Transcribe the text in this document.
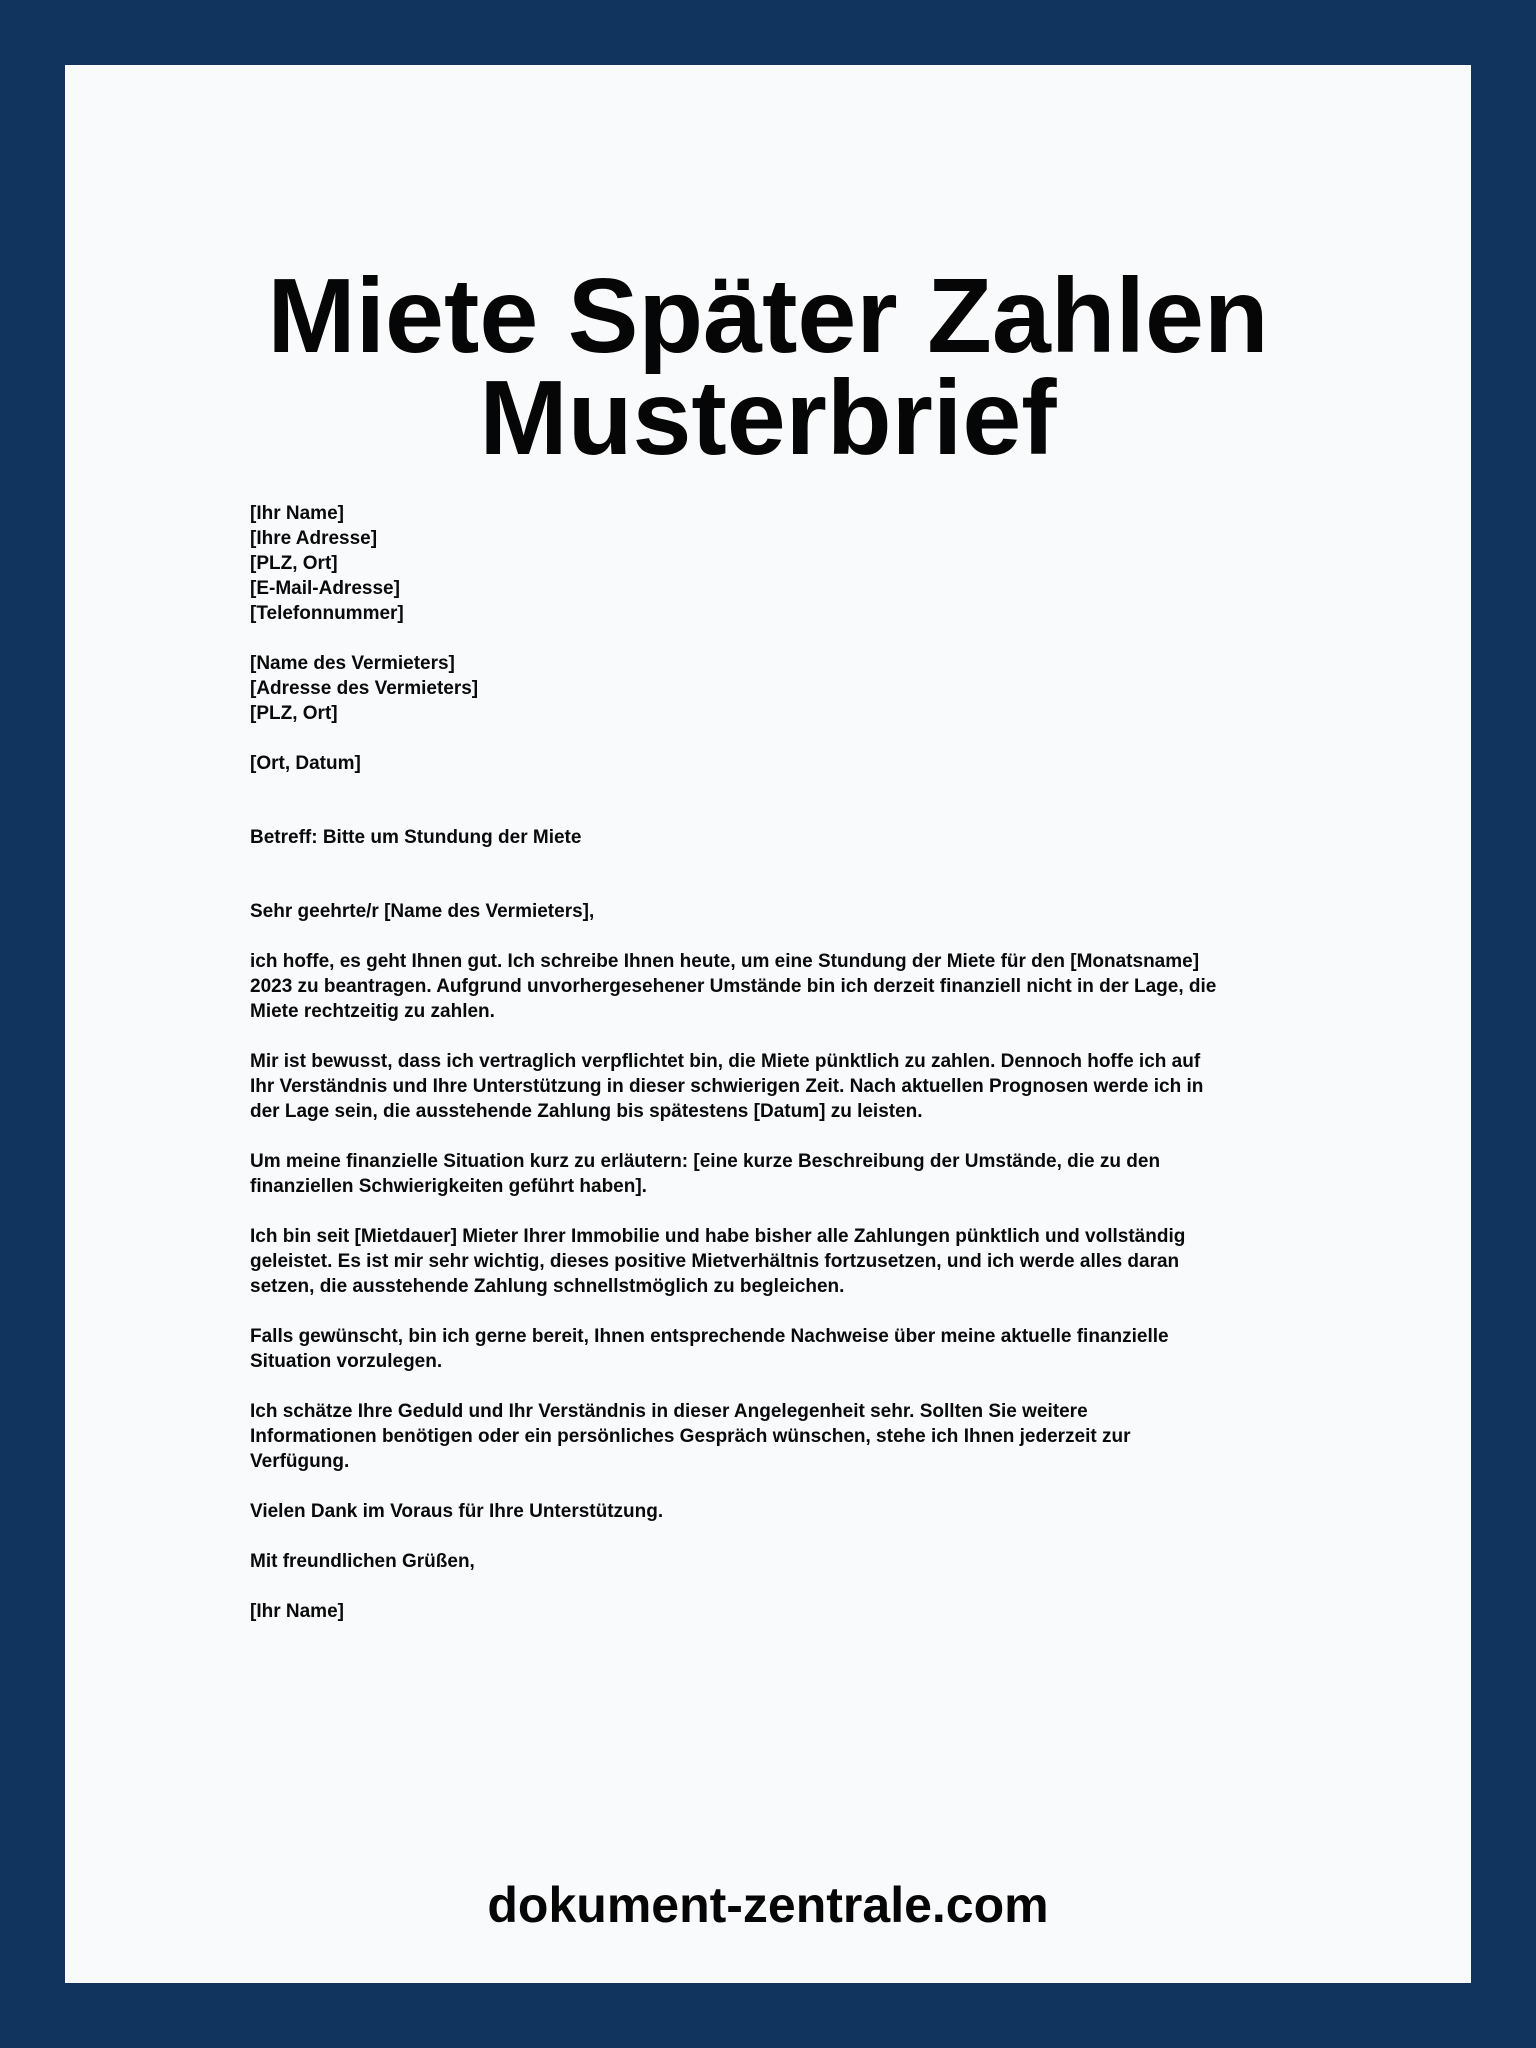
Miete Später Zahlen
Musterbrief
[Ihr Name]
[Ihre Adresse]
[PLZ, Ort]
[E-Mail-Adresse]
[Telefonnummer]
[Name des Vermieters]
[Adresse des Vermieters]
[PLZ, Ort]
[Ort, Datum]
Betreff: Bitte um Stundung der Miete
Sehr geehrte/r [Name des Vermieters],
ich hoffe, es geht Ihnen gut. Ich schreibe Ihnen heute, um eine Stundung der Miete für den [Monatsname]
2023 zu beantragen. Aufgrund unvorhergesehener Umstände bin ich derzeit finanziell nicht in der Lage, die
Miete rechtzeitig zu zahlen.
Mir ist bewusst, dass ich vertraglich verpflichtet bin, die Miete pünktlich zu zahlen. Dennoch hoffe ich auf
Ihr Verständnis und Ihre Unterstützung in dieser schwierigen Zeit. Nach aktuellen Prognosen werde ich in
der Lage sein, die ausstehende Zahlung bis spätestens [Datum] zu leisten.
Um meine finanzielle Situation kurz zu erläutern: [eine kurze Beschreibung der Umstände, die zu den
finanziellen Schwierigkeiten geführt haben].
Ich bin seit [Mietdauer] Mieter Ihrer Immobilie und habe bisher alle Zahlungen pünktlich und vollständig
geleistet. Es ist mir sehr wichtig, dieses positive Mietverhältnis fortzusetzen, und ich werde alles daran
setzen, die ausstehende Zahlung schnellstmöglich zu begleichen.
Falls gewünscht, bin ich gerne bereit, Ihnen entsprechende Nachweise über meine aktuelle finanzielle
Situation vorzulegen.
Ich schätze Ihre Geduld und Ihr Verständnis in dieser Angelegenheit sehr. Sollten Sie weitere
Informationen benötigen oder ein persönliches Gespräch wünschen, stehe ich Ihnen jederzeit zur
Verfügung.
Vielen Dank im Voraus für Ihre Unterstützung.
Mit freundlichen Grüßen,
[Ihr Name]
dokument-zentrale.com
